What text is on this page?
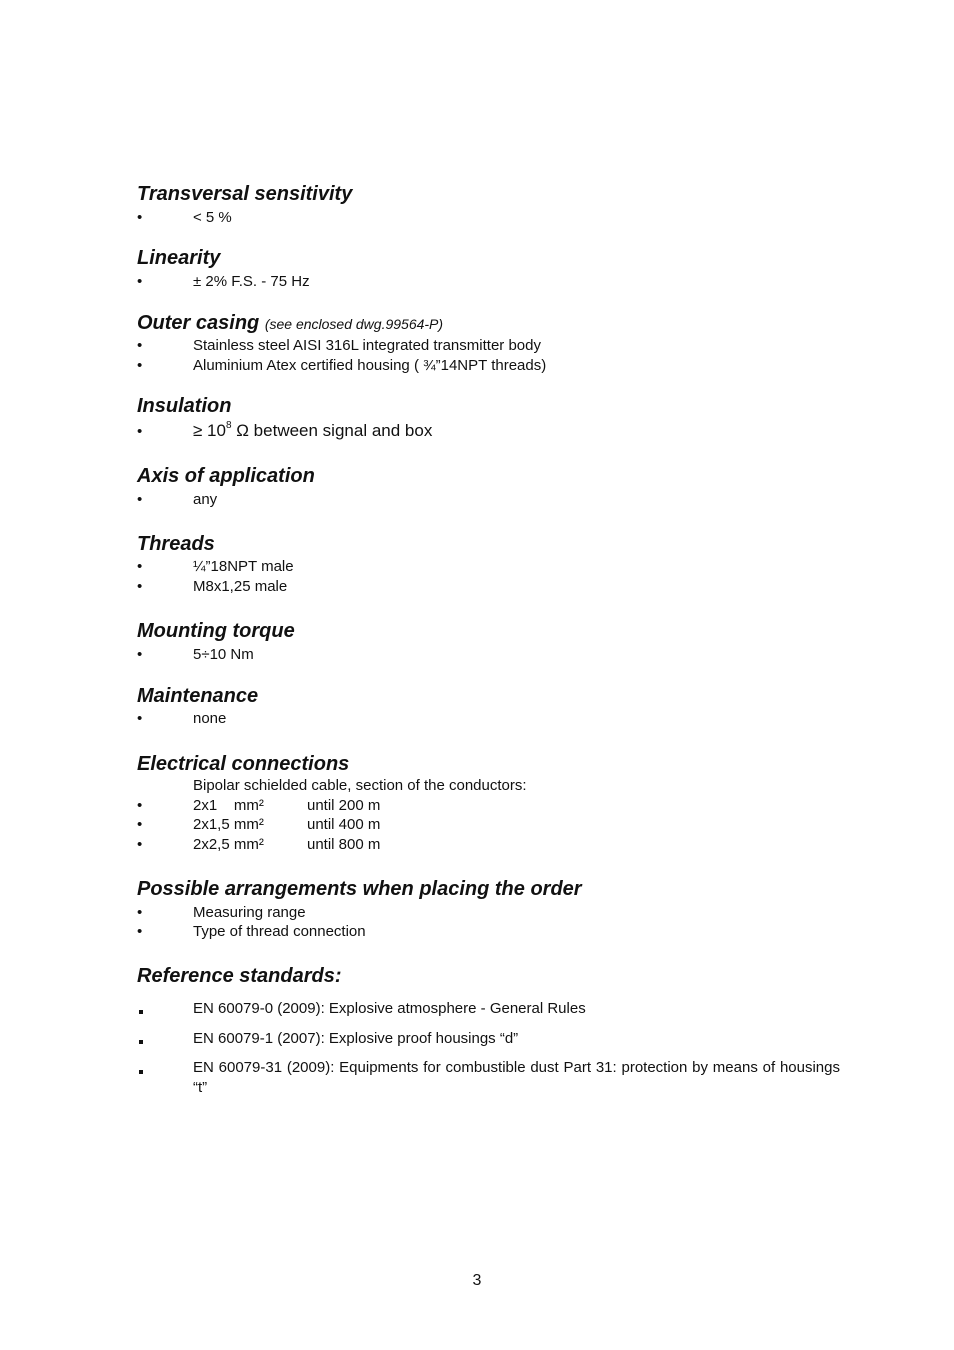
Transversal sensitivity
•
< 5 %
Linearity
•
± 2% F.S. - 75 Hz
Outer casing (see enclosed dwg.99564-P)
•
Stainless steel AISI 316L integrated transmitter body
•
Aluminium Atex certified housing ( ¾”14NPT threads)
Insulation
•
≥ $10^8$ Ω between signal and box
Axis of application
•
any
Threads
•
¼”18NPT male
•
M8x1,25 male
Mounting torque
•
5÷10 Nm
Maintenance
•
none
Electrical connections
Bipolar schielded cable, section of the conductors:
•
2x1    mm²	until 200 m
•
2x1,5 mm²	until 400 m
•
2x2,5 mm²	until 800 m
Possible arrangements when placing the order
•
Measuring range
•
Type of thread connection
Reference standards:
EN 60079-0 (2009): Explosive atmosphere - General Rules
EN 60079-1 (2007): Explosive proof housings “d”
EN 60079-31 (2009): Equipments for combustible dust Part 31: protection by means of housings “t”
3
